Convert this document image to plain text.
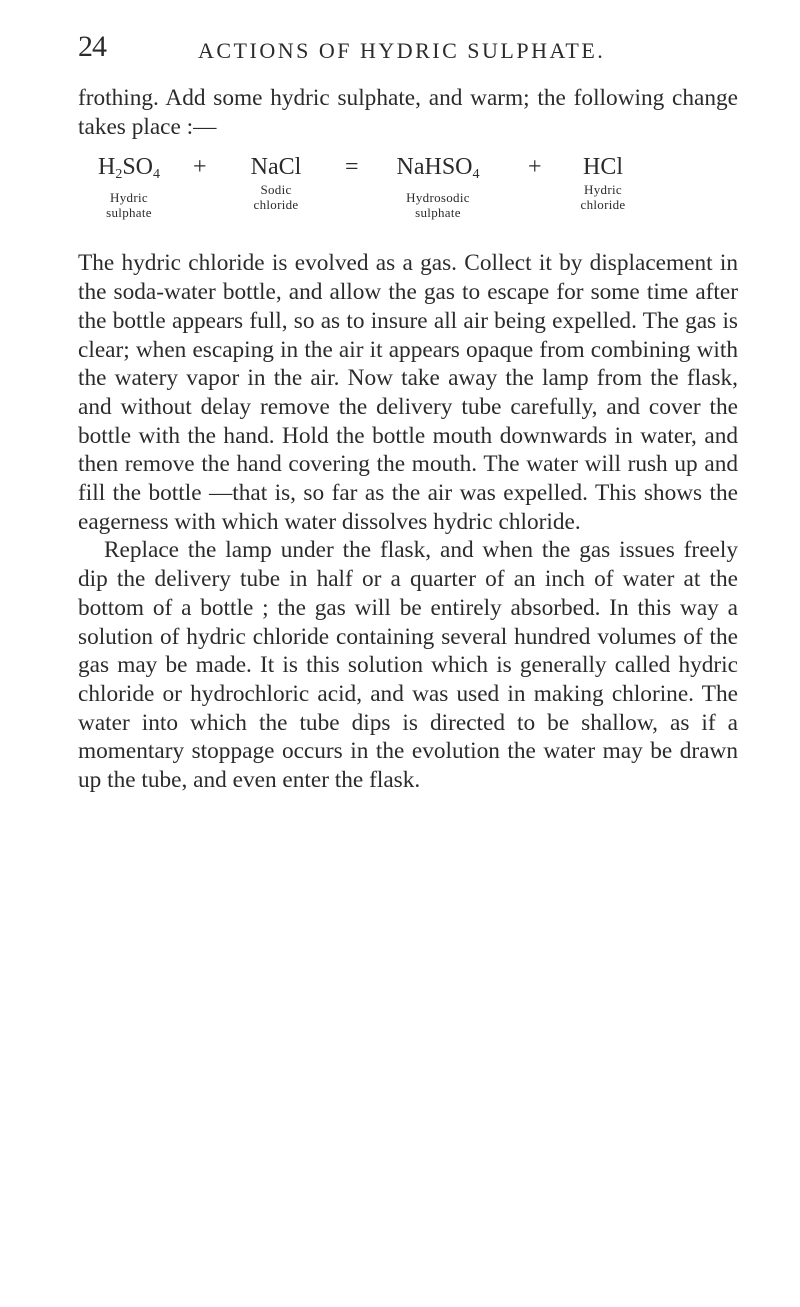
24	ACTIONS OF HYDRIC SULPHATE.

frothing. Add some hydric sulphate, and warm; the following change takes place :—

$H_2SO_4$
Hydric
sulphate
+	NaCl
Sodic
chloride
=	NaHSO$_4$
Hydrosodic
sulphate
+	HCl
Hydric
chloride

The hydric chloride is evolved as a gas. Collect it by displacement in the soda-water bottle, and allow the gas to escape for some time after the bottle appears full, so as to insure all air being expelled. The gas is clear; when escaping in the air it appears opaque from combining with the watery vapor in the air. Now take away the lamp from the flask, and without delay remove the delivery tube carefully, and cover the bottle with the hand. Hold the bottle mouth downwards in water, and then remove the hand covering the mouth. The water will rush up and fill the bottle —that is, so far as the air was expelled. This shows the eagerness with which water dissolves hydric chloride.

Replace the lamp under the flask, and when the gas issues freely dip the delivery tube in half or a quarter of an inch of water at the bottom of a bottle ; the gas will be entirely absorbed. In this way a solution of hydric chloride containing several hundred volumes of the gas may be made. It is this solution which is generally called hydric chloride or hydrochloric acid, and was used in making chlorine. The water into which the tube dips is directed to be shallow, as if a momentary stoppage occurs in the evolution the water may be drawn up the tube, and even enter the flask.
